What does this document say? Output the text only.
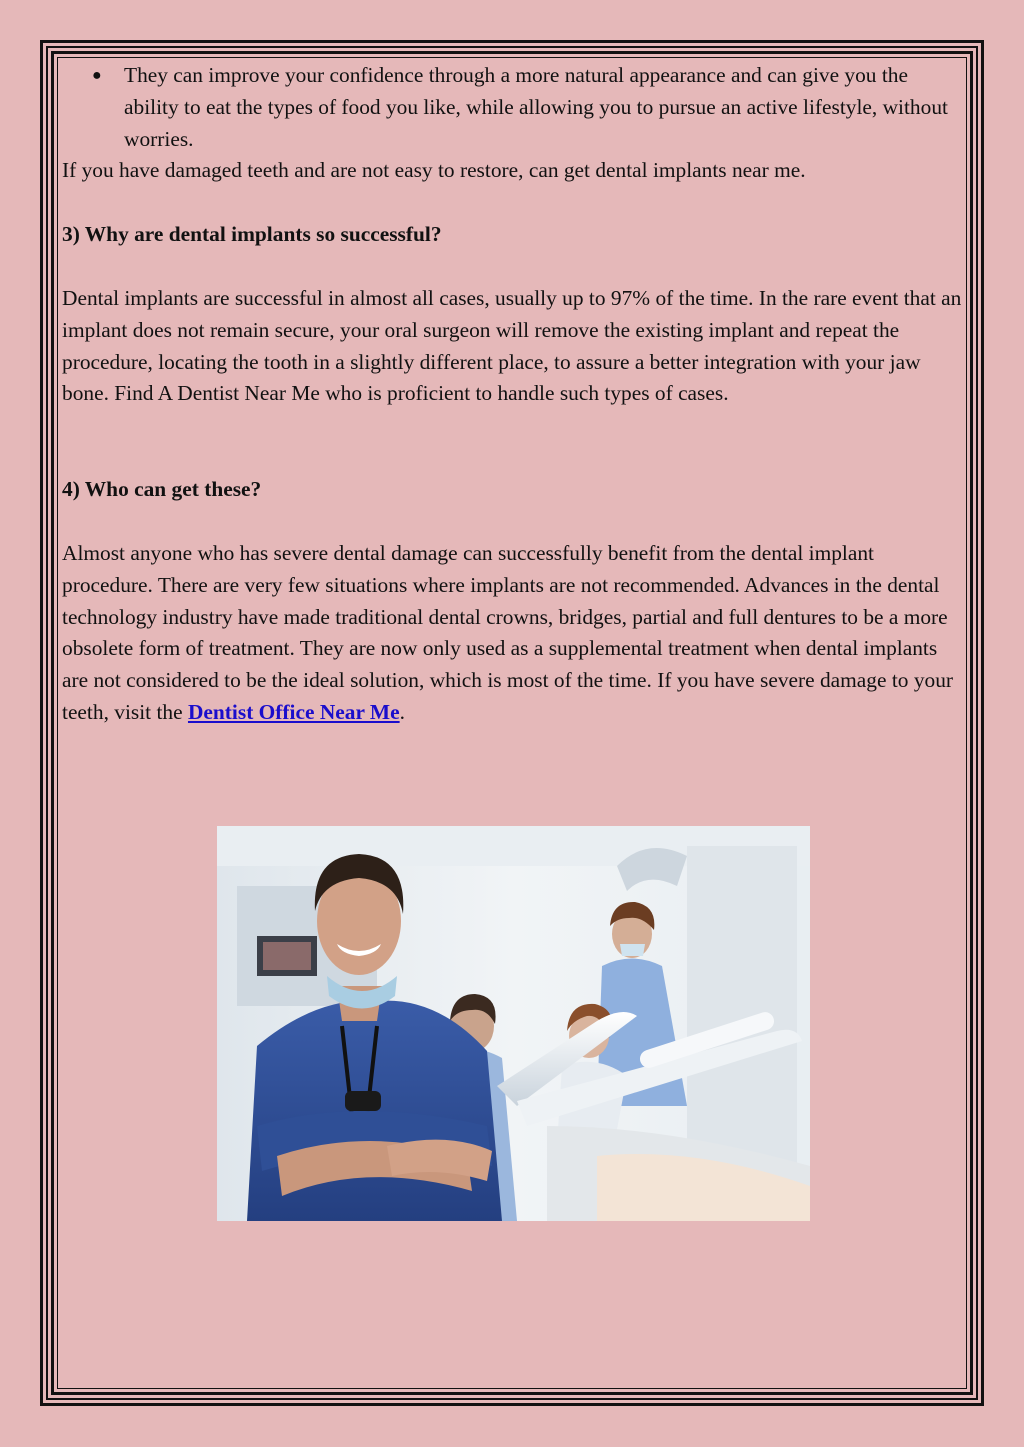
● They can improve your confidence through a more natural appearance and can give you the ability to eat the types of food you like, while allowing you to pursue an active lifestyle, without worries.

If you have damaged teeth and are not easy to restore, can get dental implants near me.

3) Why are dental implants so successful?

Dental implants are successful in almost all cases, usually up to 97% of the time. In the rare event that an implant does not remain secure, your oral surgeon will remove the existing implant and repeat the procedure, locating the tooth in a slightly different place, to assure a better integration with your jaw bone. Find A Dentist Near Me who is proficient to handle such types of cases.

4) Who can get these?

Almost anyone who has severe dental damage can successfully benefit from the dental implant procedure. There are very few situations where implants are not recommended. Advances in the dental technology industry have made traditional dental crowns, bridges, partial and full dentures to be a more obsolete form of treatment. They are now only used as a supplemental treatment when dental implants are not considered to be the ideal solution, which is most of the time. If you have severe damage to your teeth, visit the Dentist Office Near Me.
